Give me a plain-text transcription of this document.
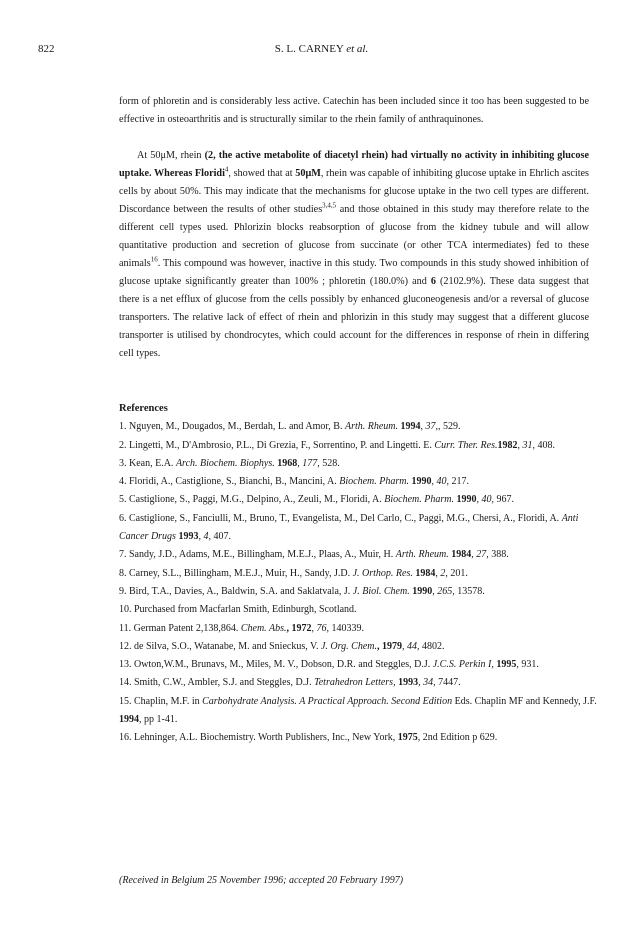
822	S. L. CARNEY et al.

form of phloretin and is considerably less active. Catechin has been included since it too has been suggested to be effective in osteoarthritis and is structurally similar to the rhein family of anthraquinones.

At 50μM, rhein (2, the active metabolite of diacetyl rhein) had virtually no activity in inhibiting glucose uptake. Whereas Floridi$^4$, showed that at 50μM, rhein was capable of inhibiting glucose uptake in Ehrlich ascites cells by about 50%. This may indicate that the mechanisms for glucose uptake in the two cell types are different. Discordance between the results of other studies$^{3,4,5}$ and those obtained in this study may therefore relate to the different cell types used. Phlorizin blocks reabsorption of glucose from the kidney tubule and will allow quantitative production and secretion of glucose from succinate (or other TCA intermediates) fed to these animals$^{16}$. This compound was however, inactive in this study. Two compounds in this study showed inhibition of glucose uptake significantly greater than 100% ; phloretin (180.0%) and 6 (2102.9%). These data suggest that there is a net efflux of glucose from the cells possibly by enhanced gluconeogenesis and/or a reversal of glucose transporters. The relative lack of effect of rhein and phlorizin in this study may suggest that a different glucose transporter is utilised by chondrocytes, which could account for the differences in response of rhein in differing cell types.

References

1. Nguyen, M., Dougados, M., Berdah, L. and Amor, B. Arth. Rheum. 1994, 37,, 529.

2. Lingetti, M., D'Ambrosio, P.L., Di Grezia, F., Sorrentino, P. and Lingetti. E. Curr. Ther. Res.1982, 31, 408.

3. Kean, E.A. Arch. Biochem. Biophys. 1968, 177, 528.

4. Floridi, A., Castiglione, S., Bianchi, B., Mancini, A. Biochem. Pharm. 1990, 40, 217.

5. Castiglione, S., Paggi, M.G., Delpino, A., Zeuli, M., Floridi, A. Biochem. Pharm. 1990, 40, 967.

6. Castiglione, S., Fanciulli, M., Bruno, T., Evangelista, M., Del Carlo, C., Paggi, M.G., Chersi, A., Floridi, A. Anti Cancer Drugs 1993, 4, 407.

7. Sandy, J.D., Adams, M.E., Billingham, M.E.J., Plaas, A., Muir, H. Arth. Rheum. 1984, 27, 388.

8. Carney, S.L., Billingham, M.E.J., Muir, H., Sandy, J.D. J. Orthop. Res. 1984, 2, 201.

9. Bird, T.A., Davies, A., Baldwin, S.A. and Saklatvala, J. J. Biol. Chem. 1990, 265, 13578.

10. Purchased from Macfarlan Smith, Edinburgh, Scotland.

11. German Patent 2,138,864. Chem. Abs., 1972, 76, 140339.

12. de Silva, S.O., Watanabe, M. and Snieckus, V. J. Org. Chem., 1979, 44, 4802.

13. Owton,W.M., Brunavs, M., Miles, M. V., Dobson, D.R. and Steggles, D.J. J.C.S. Perkin I, 1995, 931.

14. Smith, C.W., Ambler, S.J. and Steggles, D.J. Tetrahedron Letters, 1993, 34, 7447.

15. Chaplin, M.F. in Carbohydrate Analysis. A Practical Approach. Second Edition Eds. Chaplin MF and Kennedy, J.F. 1994, pp 1-41.

16. Lehninger, A.L. Biochemistry. Worth Publishers, Inc., New York, 1975, 2nd Edition p 629.

(Received in Belgium 25 November 1996; accepted 20 February 1997)
